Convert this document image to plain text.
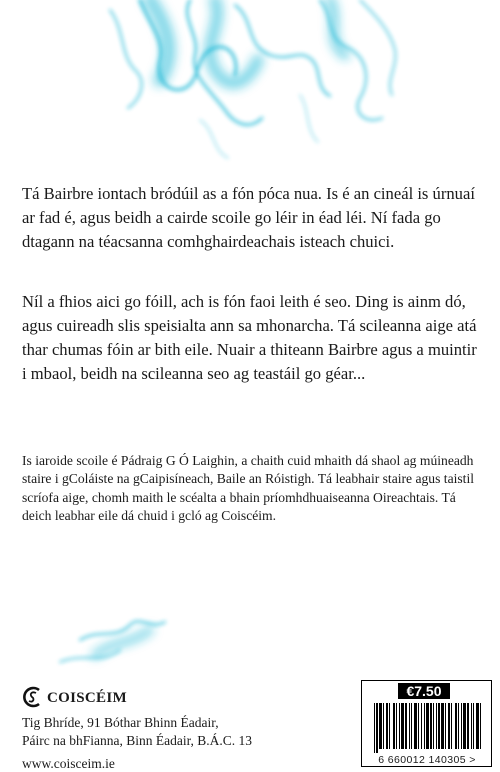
Tá Bairbre iontach bródúil as a fón póca nua. Is é an cineál is úrnuaí ar fad é, agus beidh a cairde scoile go léir in éad léi. Ní fada go dtagann na téacsanna comhghairdeachais isteach chuici.

Níl a fhios aici go fóill, ach is fón faoi leith é seo. Ding is ainm dó, agus cuireadh slis speisialta ann sa mhonarcha. Tá scileanna aige atá thar chumas fóin ar bith eile. Nuair a thiteann Bairbre agus a muintir i mbaol, beidh na scileanna seo ag teastáil go géar...

Is iaroide scoile é Pádraig G Ó Laighin, a chaith cuid mhaith dá shaol ag múineadh staire i gColáiste na gCaipisíneach, Baile an Róistigh. Tá leabhair staire agus taistil scríofa aige, chomh maith le scéalta a bhain príomhdhuaiseanna Oireachtais. Tá deich leabhar eile dá chuid i gcló ag Coiscéim.

COISCÉIM
Tig Bhríde, 91 Bóthar Bhinn Éadair,
Páirc na bhFianna, Binn Éadair, B.Á.C. 13
www.coisceim.ie
€7.50
6 660012 140305 >
